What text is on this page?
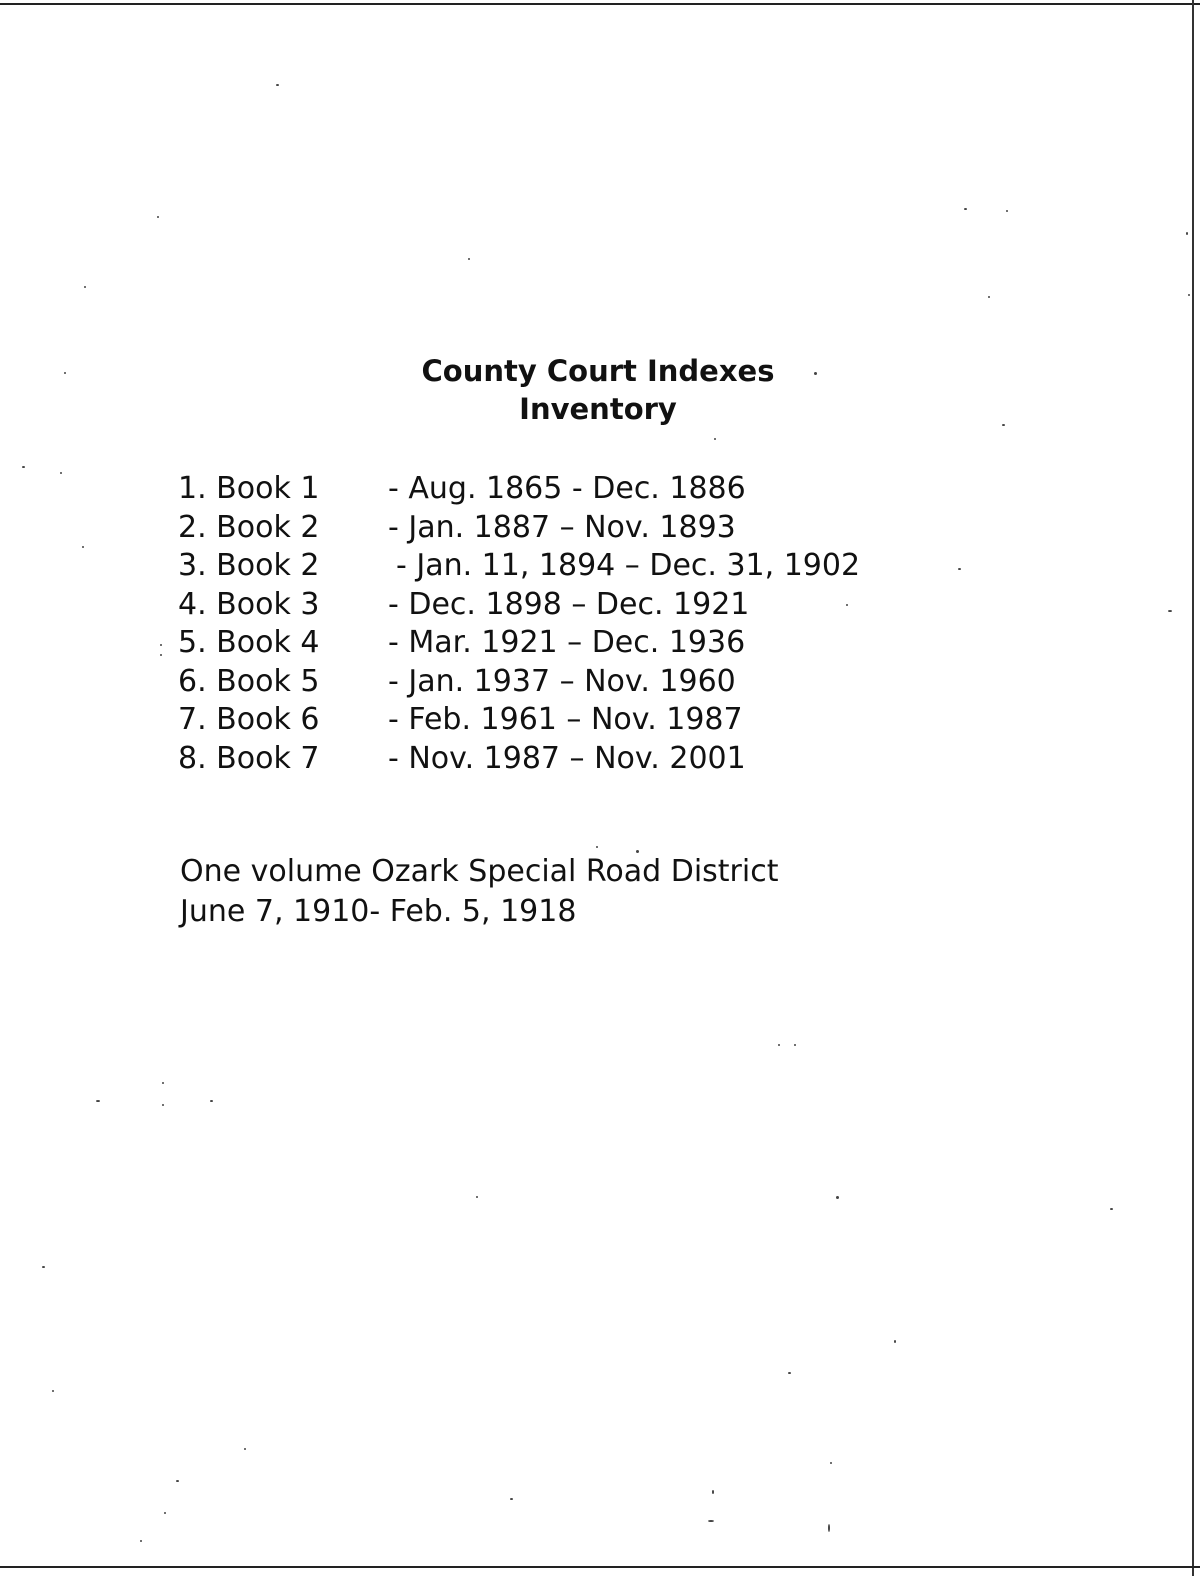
County Court Indexes
Inventory
1. Book 1 - Aug. 1865 - Dec. 1886
2. Book 2 - Jan. 1887 – Nov. 1893
3. Book 2	- Jan. 11, 1894 – Dec. 31, 1902
4. Book 3 - Dec. 1898 – Dec. 1921
5. Book 4 - Mar. 1921 – Dec. 1936
6. Book 5 - Jan. 1937 – Nov. 1960
7. Book 6 - Feb. 1961 – Nov. 1987
8. Book 7 - Nov. 1987 – Nov. 2001
One volume Ozark Special Road District
June 7, 1910- Feb. 5, 1918
